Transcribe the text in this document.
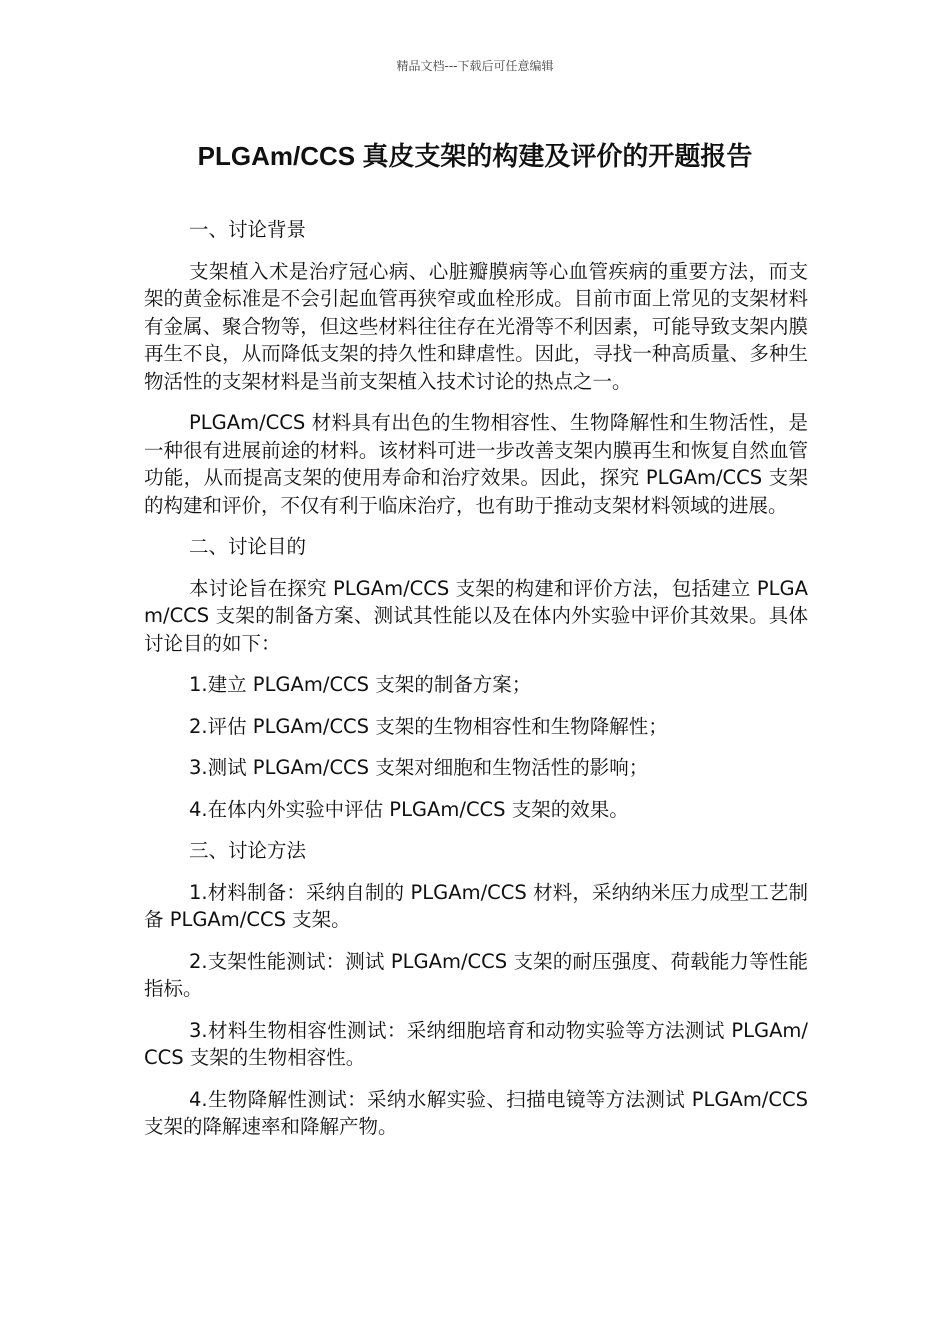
精品文档---下载后可任意编辑
PLGAm/CCS 真皮支架的构建及评价的开题报告

一、讨论背景

支架植入术是治疗冠心病、心脏瓣膜病等心血管疾病的重要方法，而支架的黄金标准是不会引起血管再狭窄或血栓形成。目前市面上常见的支架材料有金属、聚合物等，但这些材料往往存在光滑等不利因素，可能导致支架内膜再生不良，从而降低支架的持久性和肆虐性。因此，寻找一种高质量、多种生物活性的支架材料是当前支架植入技术讨论的热点之一。

PLGAm/CCS 材料具有出色的生物相容性、生物降解性和生物活性，是一种很有进展前途的材料。该材料可进一步改善支架内膜再生和恢复自然血管功能，从而提高支架的使用寿命和治疗效果。因此，探究 PLGAm/CCS 支架的构建和评价，不仅有利于临床治疗，也有助于推动支架材料领域的进展。

二、讨论目的

本讨论旨在探究 PLGAm/CCS 支架的构建和评价方法，包括建立 PLGAm/CCS 支架的制备方案、测试其性能以及在体内外实验中评价其效果。具体讨论目的如下：

1.建立 PLGAm/CCS 支架的制备方案；

2.评估 PLGAm/CCS 支架的生物相容性和生物降解性；

3.测试 PLGAm/CCS 支架对细胞和生物活性的影响；

4.在体内外实验中评估 PLGAm/CCS 支架的效果。

三、讨论方法

1.材料制备：采纳自制的 PLGAm/CCS 材料，采纳纳米压力成型工艺制备 PLGAm/CCS 支架。

2.支架性能测试：测试 PLGAm/CCS 支架的耐压强度、荷载能力等性能指标。

3.材料生物相容性测试：采纳细胞培育和动物实验等方法测试 PLGAm/CCS 支架的生物相容性。

4.生物降解性测试：采纳水解实验、扫描电镜等方法测试 PLGAm/CCS 支架的降解速率和降解产物。
